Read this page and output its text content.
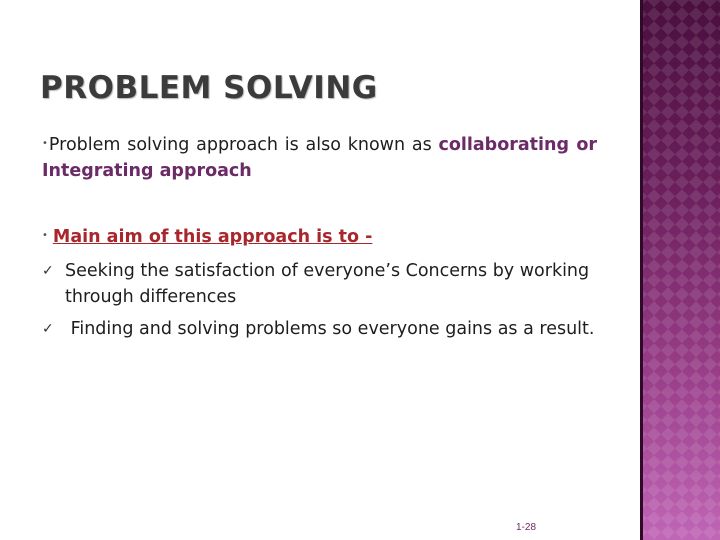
PROBLEM SOLVING
•Problem solving approach is also known as collaborating or Integrating approach
• Main aim of this approach is to -
✓ Seeking the satisfaction of everyone’s Concerns by working through differences
✓ Finding and solving problems so everyone gains as a result.
1-28
